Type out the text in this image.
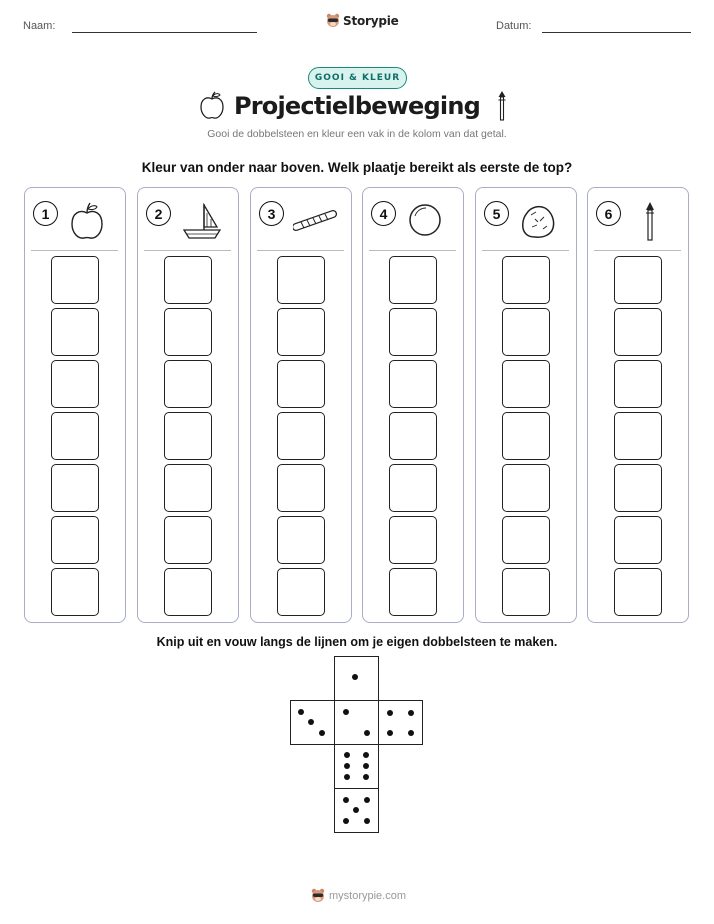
Naam:	Storypie	Datum:
GOOI & KLEUR
Projectielbeweging
Gooi de dobbelsteen en kleur een vak in de kolom van dat getal.
Kleur van onder naar boven. Welk plaatje bereikt als eerste de top?
1	2	3	4	5	6
Knip uit en vouw langs de lijnen om je eigen dobbelsteen te maken.
mystorypie.com
